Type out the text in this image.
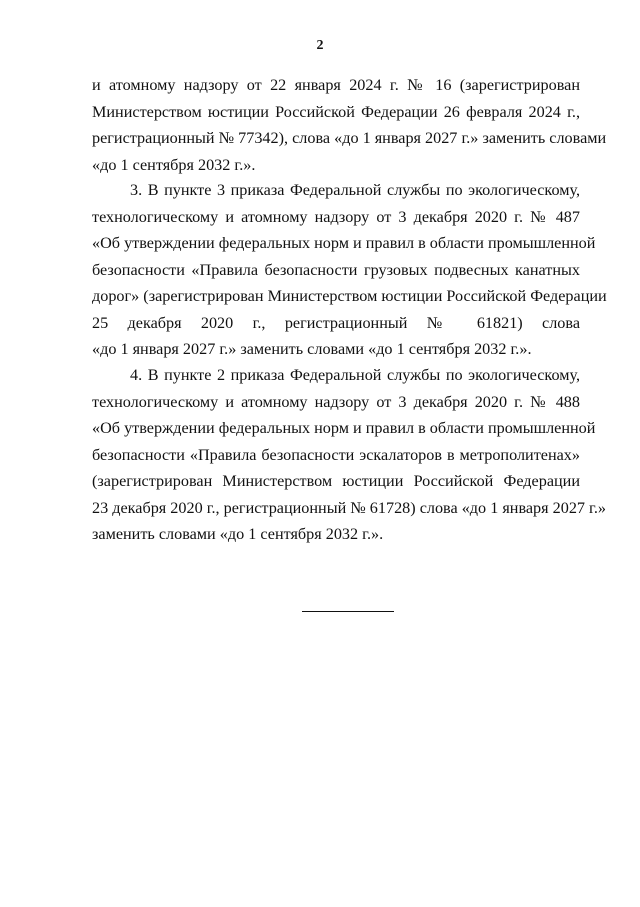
2
и атомному надзору от 22 января 2024 г. № 16 (зарегистрирован
Министерством юстиции Российской Федерации 26 февраля 2024 г.,
регистрационный № 77342), слова «до 1 января 2027 г.» заменить словами
«до 1 сентября 2032 г.».
3. В пункте 3 приказа Федеральной службы по экологическому,
технологическому и атомному надзору от 3 декабря 2020 г. № 487
«Об утверждении федеральных норм и правил в области промышленной
безопасности «Правила безопасности грузовых подвесных канатных
дорог» (зарегистрирован Министерством юстиции Российской Федерации
25 декабря 2020 г., регистрационный № 61821) слова
«до 1 января 2027 г.» заменить словами «до 1 сентября 2032 г.».
4. В пункте 2 приказа Федеральной службы по экологическому,
технологическому и атомному надзору от 3 декабря 2020 г. № 488
«Об утверждении федеральных норм и правил в области промышленной
безопасности «Правила безопасности эскалаторов в метрополитенах»
(зарегистрирован Министерством юстиции Российской Федерации
23 декабря 2020 г., регистрационный № 61728) слова «до 1 января 2027 г.»
заменить словами «до 1 сентября 2032 г.».
